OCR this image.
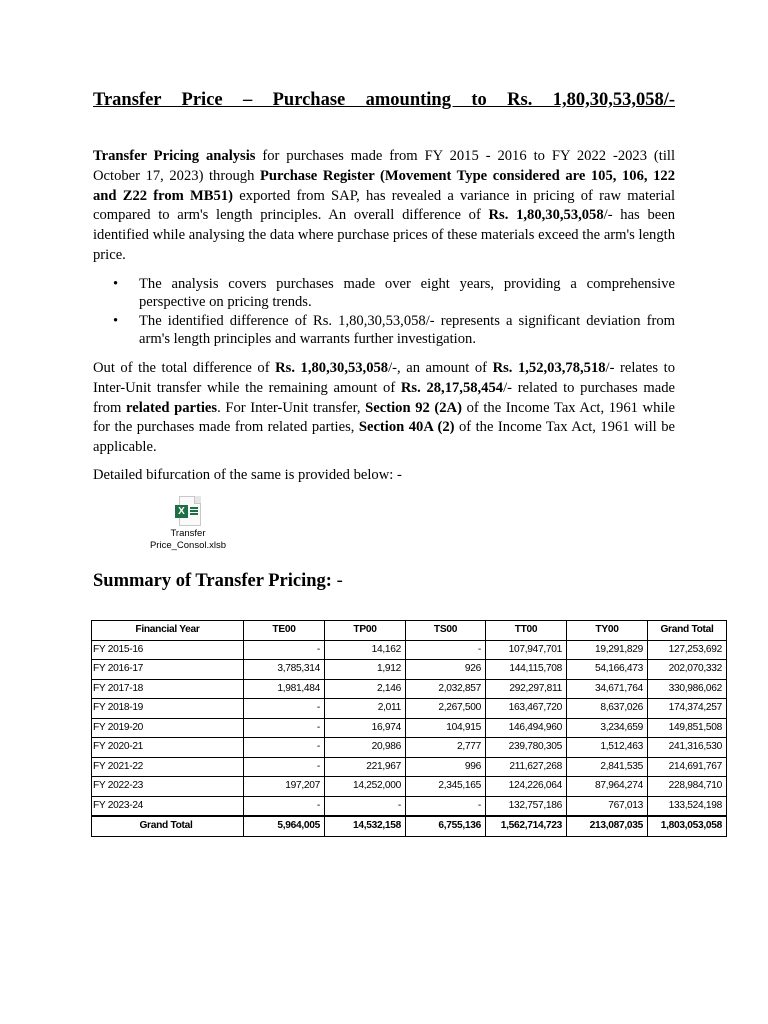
Transfer Price – Purchase amounting to Rs. 1,80,30,53,058/-

Transfer Pricing analysis for purchases made from FY 2015 - 2016 to FY 2022 -2023 (till October 17, 2023) through Purchase Register (Movement Type considered are 105, 106, 122 and Z22 from MB51) exported from SAP, has revealed a variance in pricing of raw material compared to arm's length principles. An overall difference of Rs. 1,80,30,53,058/- has been identified while analysing the data where purchase prices of these materials exceed the arm's length price.

• The analysis covers purchases made over eight years, providing a comprehensive perspective on pricing trends.
• The identified difference of Rs. 1,80,30,53,058/- represents a significant deviation from arm's length principles and warrants further investigation.

Out of the total difference of Rs. 1,80,30,53,058/-, an amount of Rs. 1,52,03,78,518/- relates to Inter-Unit transfer while the remaining amount of Rs. 28,17,58,454/- related to purchases made from related parties. For Inter-Unit transfer, Section 92 (2A) of the Income Tax Act, 1961 while for the purchases made from related parties, Section 40A (2) of the Income Tax Act, 1961 will be applicable.

Detailed bifurcation of the same is provided below: -

X
Transfer
Price_Consol.xlsb
Summary of Transfer Pricing: -
Financial Year	TE00	TP00	TS00	TT00	TY00	Grand Total
FY 2015-16	-	14,162	-	107,947,701	19,291,829	127,253,692
FY 2016-17	3,785,314	1,912	926	144,115,708	54,166,473	202,070,332
FY 2017-18	1,981,484	2,146	2,032,857	292,297,811	34,671,764	330,986,062
FY 2018-19	-	2,011	2,267,500	163,467,720	8,637,026	174,374,257
FY 2019-20	-	16,974	104,915	146,494,960	3,234,659	149,851,508
FY 2020-21	-	20,986	2,777	239,780,305	1,512,463	241,316,530
FY 2021-22	-	221,967	996	211,627,268	2,841,535	214,691,767
FY 2022-23	197,207	14,252,000	2,345,165	124,226,064	87,964,274	228,984,710
FY 2023-24	-	-	-	132,757,186	767,013	133,524,198
Grand Total	5,964,005	14,532,158	6,755,136	1,562,714,723	213,087,035	1,803,053,058
